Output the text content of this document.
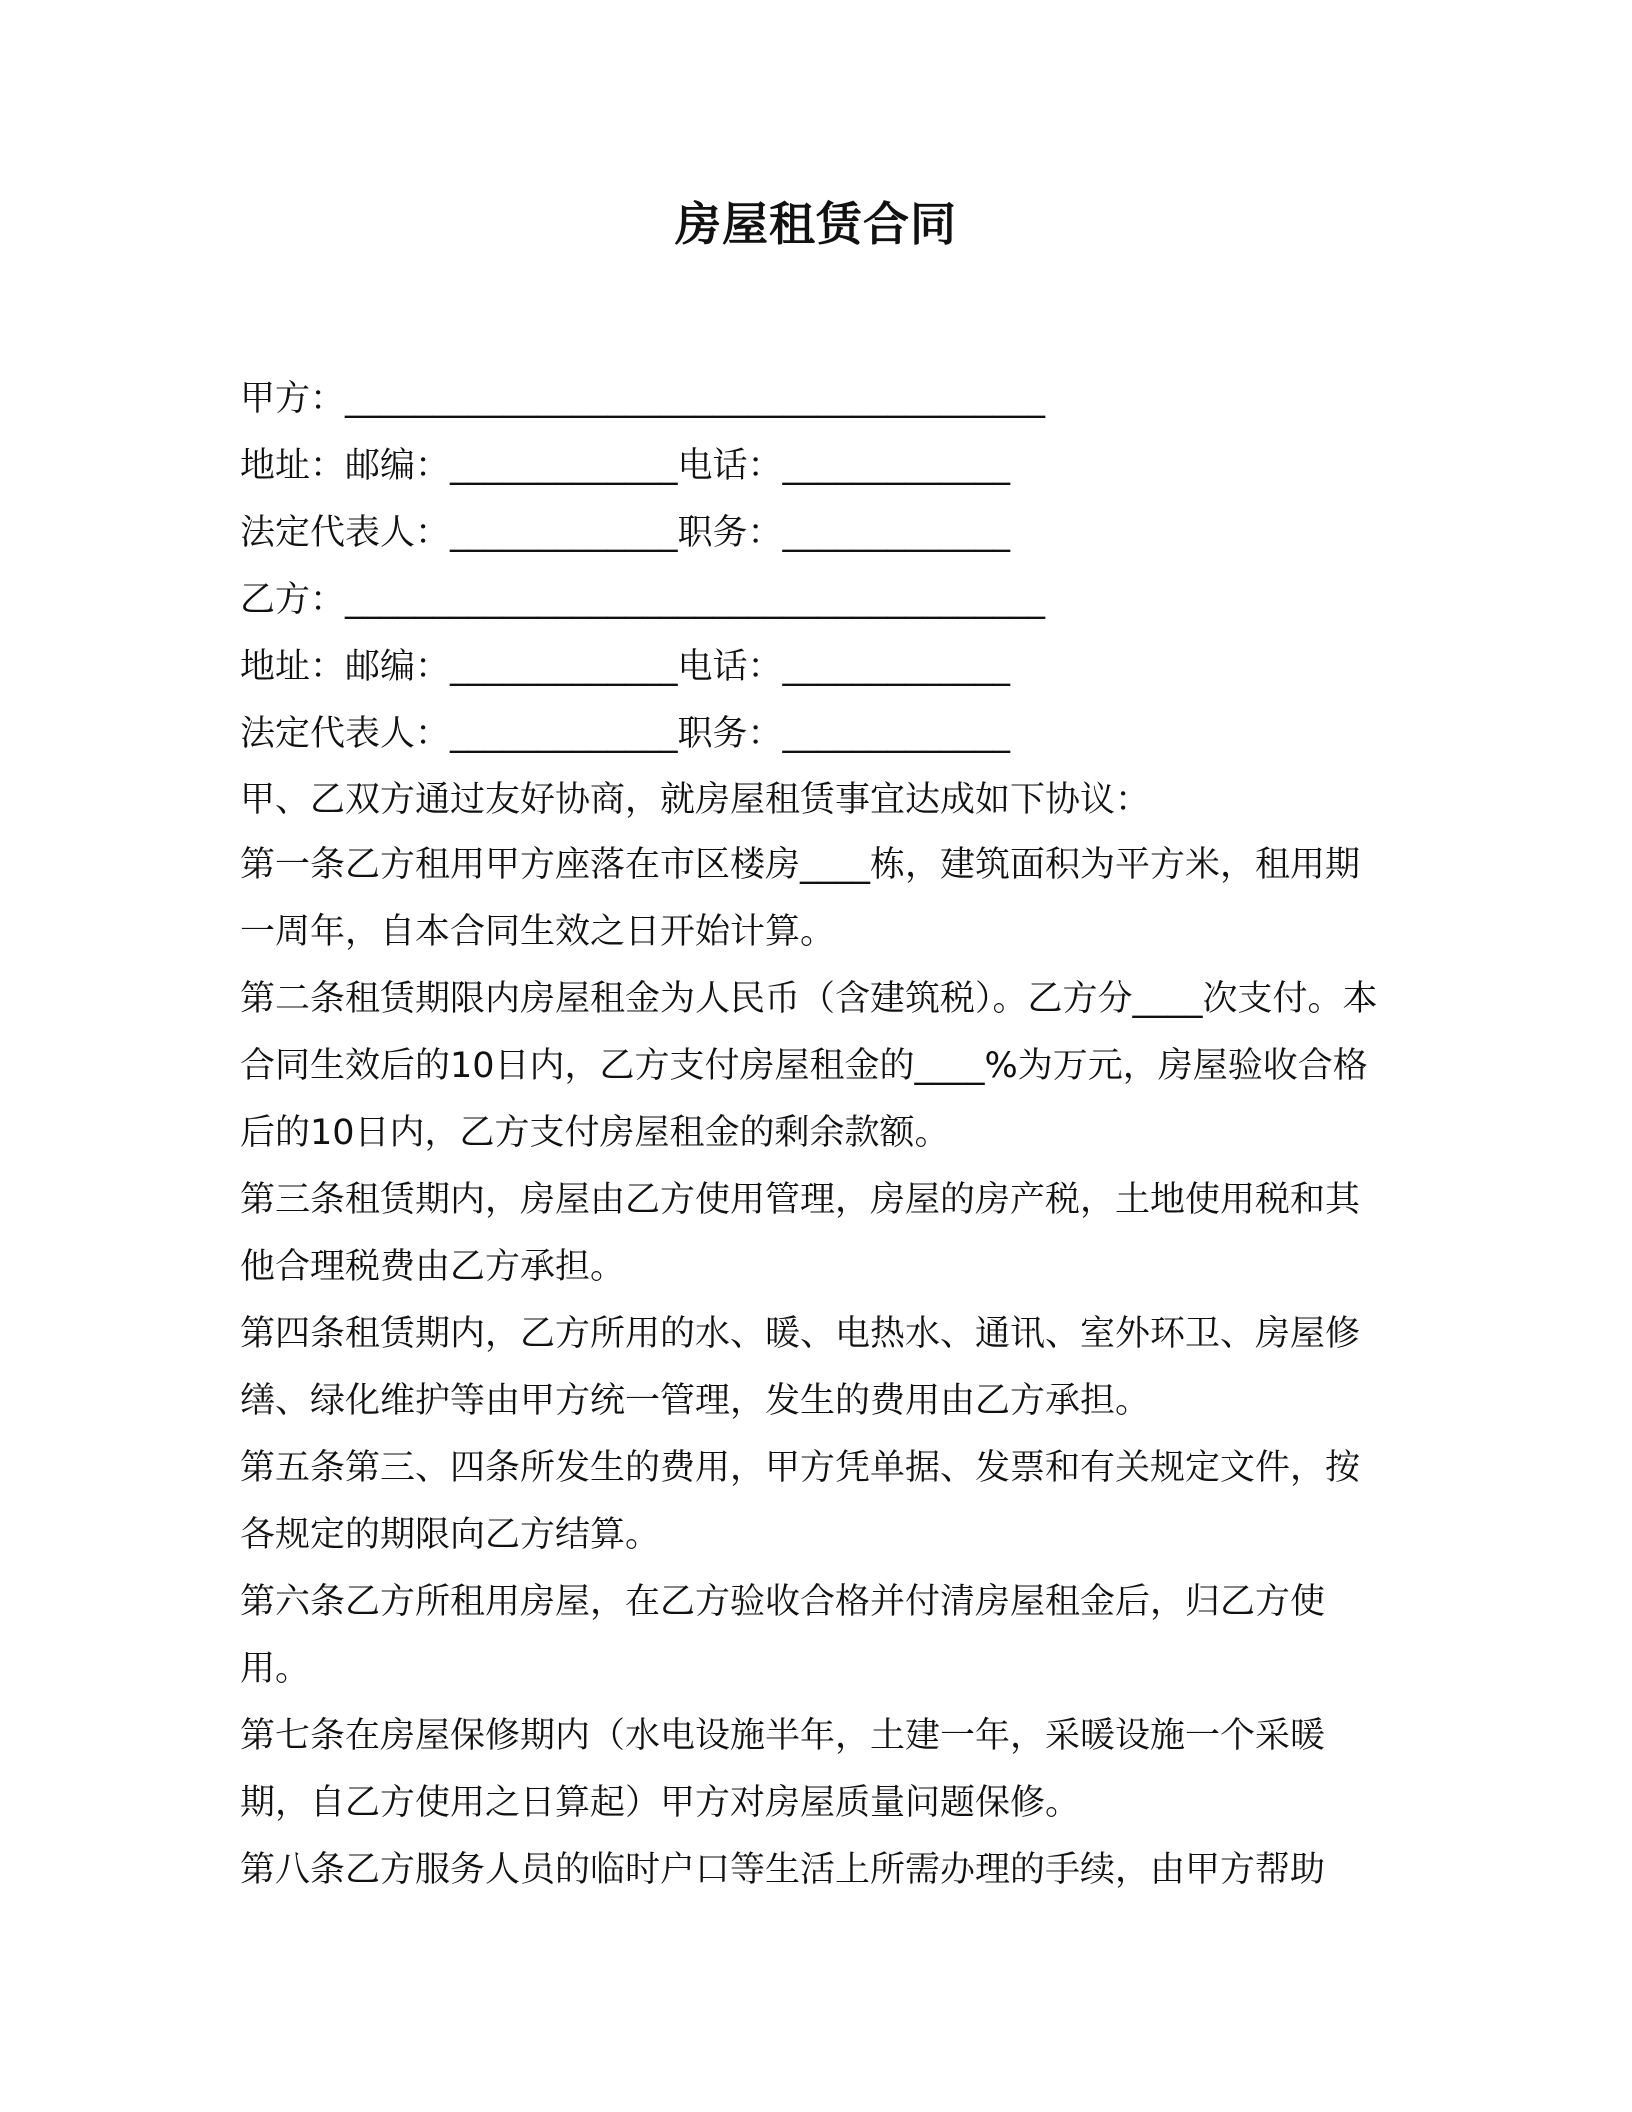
房屋租赁合同
甲方：________________________________________
地址：邮编：_____________电话：_____________
法定代表人：_____________职务：_____________
乙方：________________________________________
地址：邮编：_____________电话：_____________
法定代表人：_____________职务：_____________
甲、乙双方通过友好协商，就房屋租赁事宜达成如下协议：
第一条乙方租用甲方座落在市区楼房____栋，建筑面积为平方米，租用期一周年，自本合同生效之日开始计算。
第二条租赁期限内房屋租金为人民币（含建筑税）。乙方分____次支付。本合同生效后的10日内，乙方支付房屋租金的____%为万元，房屋验收合格后的10日内，乙方支付房屋租金的剩余款额。
第三条租赁期内，房屋由乙方使用管理，房屋的房产税，土地使用税和其他合理税费由乙方承担。
第四条租赁期内，乙方所用的水、暖、电热水、通讯、室外环卫、房屋修缮、绿化维护等由甲方统一管理，发生的费用由乙方承担。
第五条第三、四条所发生的费用，甲方凭单据、发票和有关规定文件，按各规定的期限向乙方结算。
第六条乙方所租用房屋，在乙方验收合格并付清房屋租金后，归乙方使用。
第七条在房屋保修期内（水电设施半年，土建一年，采暖设施一个采暖期，自乙方使用之日算起）甲方对房屋质量问题保修。
第八条乙方服务人员的临时户口等生活上所需办理的手续，由甲方帮助
